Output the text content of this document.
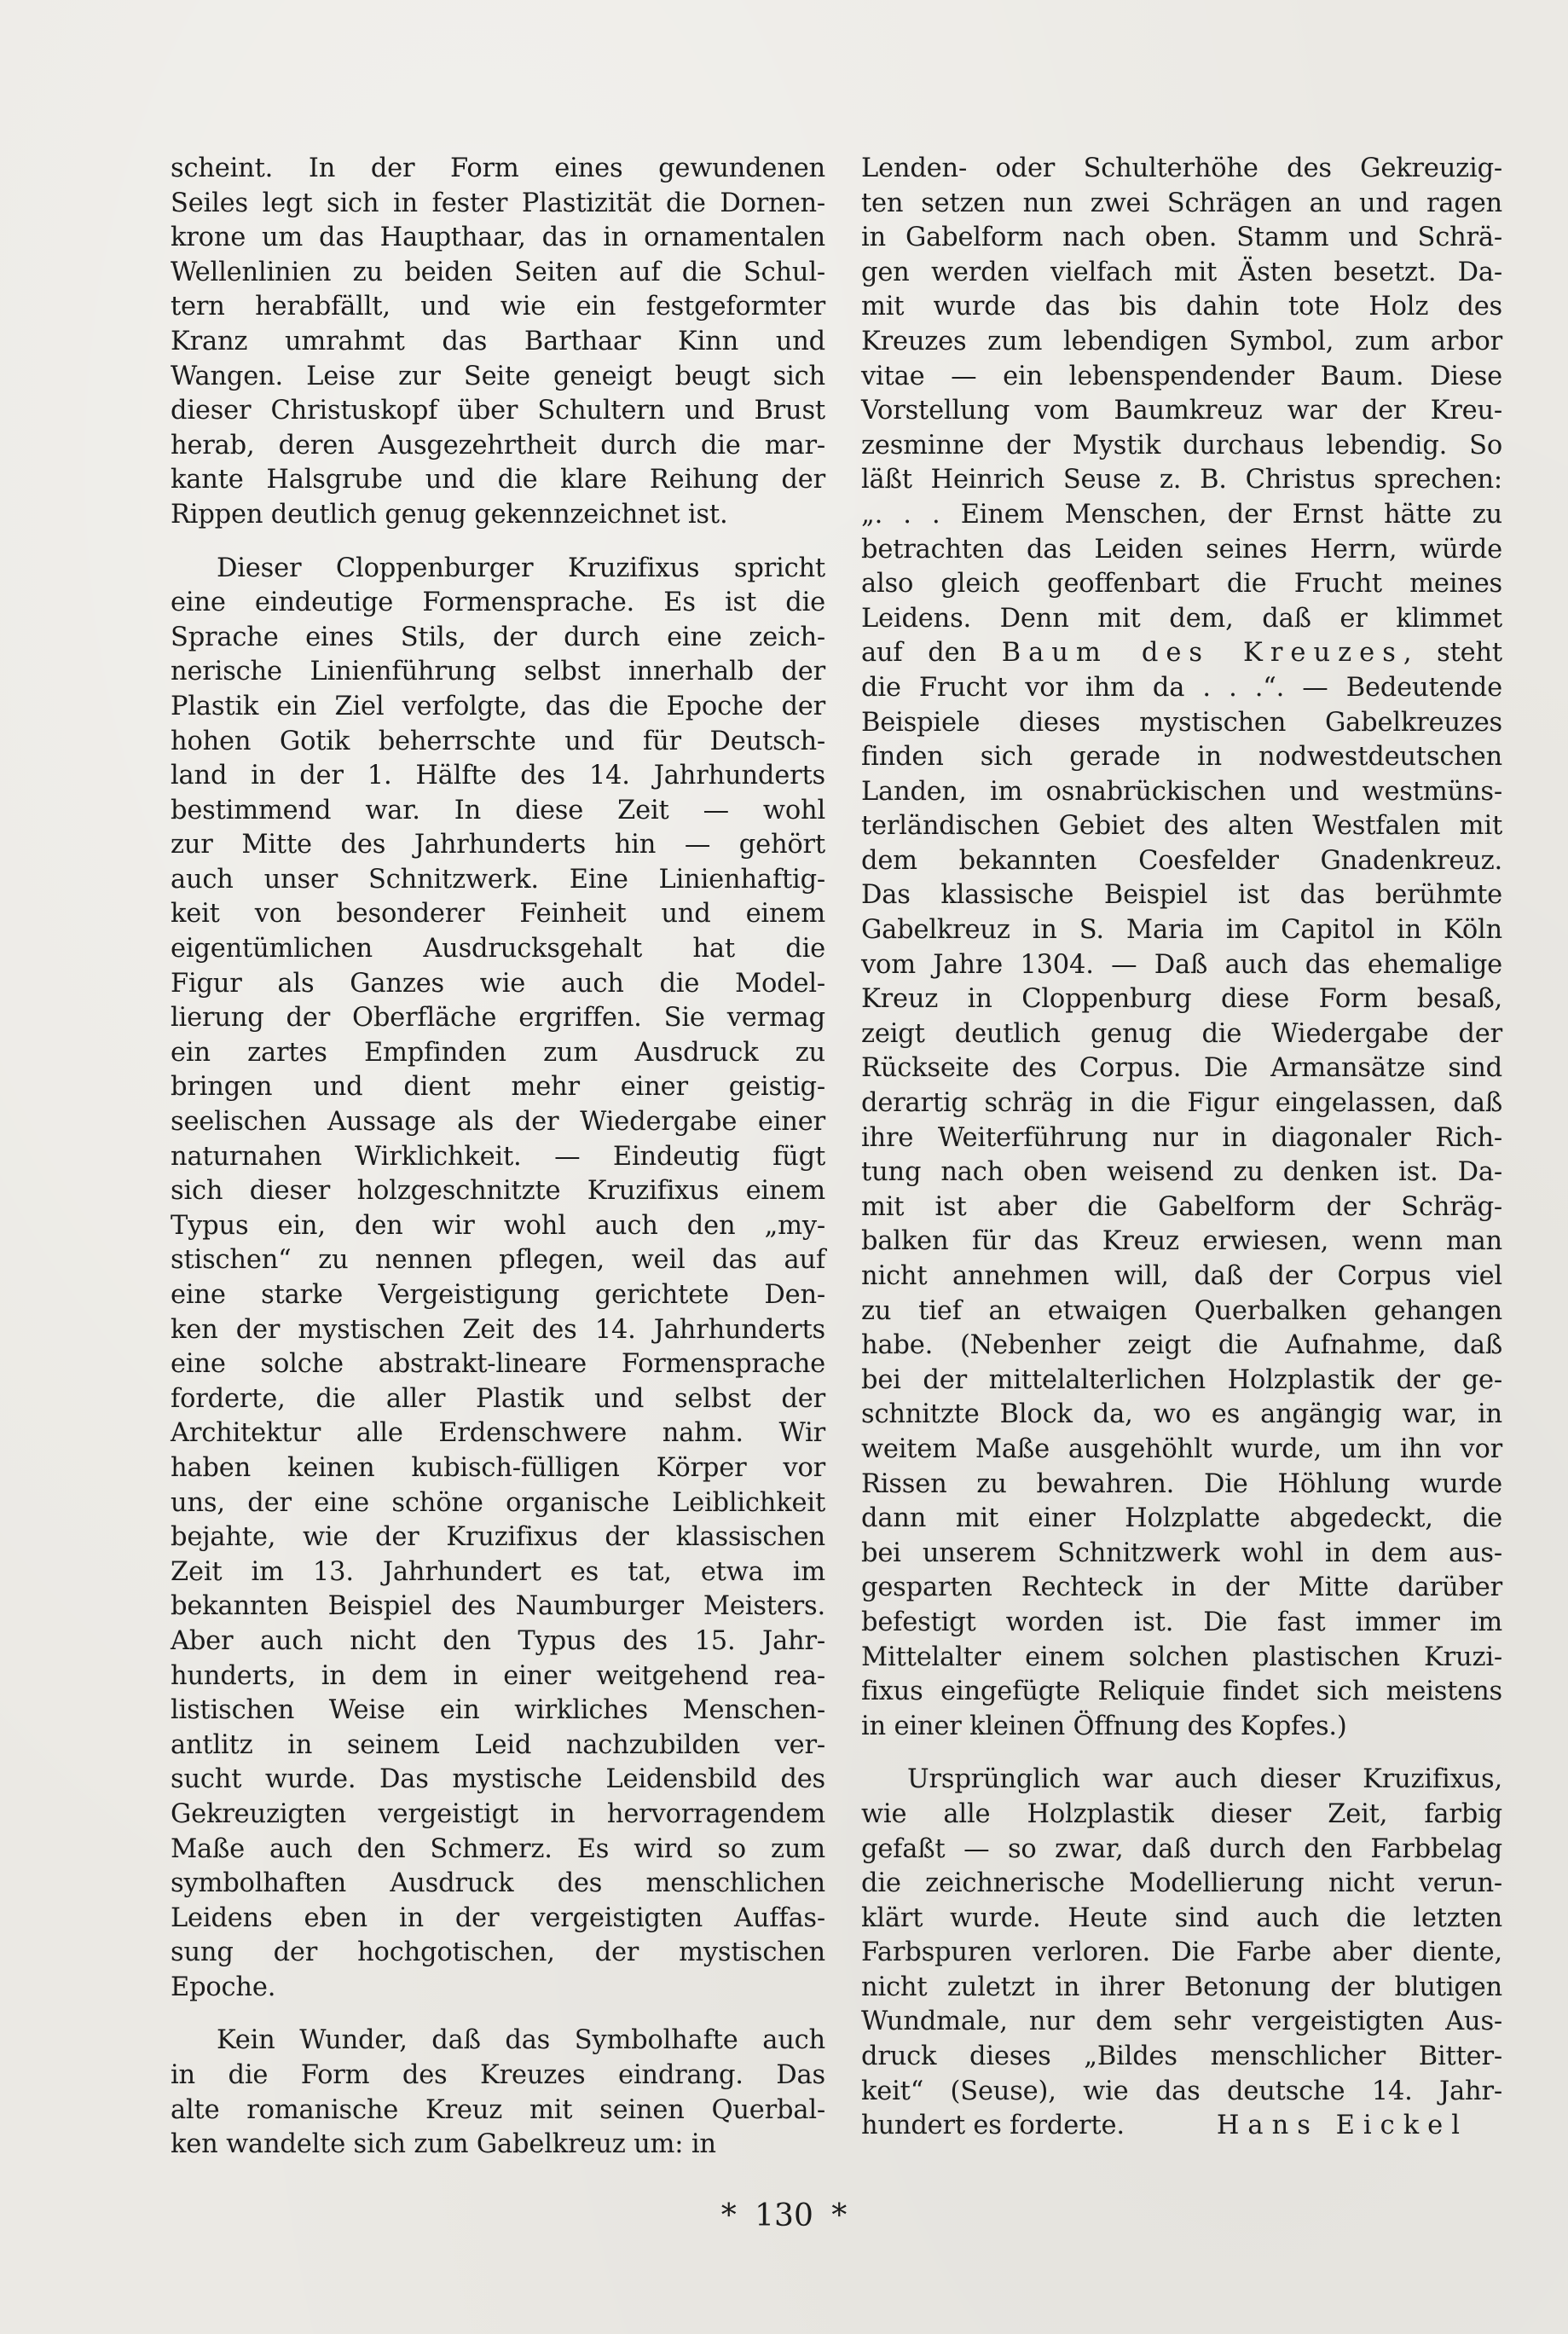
scheint. In der Form eines gewundenen
Seiles legt sich in fester Plastizität die Dornen-
krone um das Haupthaar, das in ornamentalen
Wellenlinien zu beiden Seiten auf die Schul-
tern herabfällt, und wie ein festgeformter
Kranz umrahmt das Barthaar Kinn und
Wangen. Leise zur Seite geneigt beugt sich
dieser Christuskopf über Schultern und Brust
herab, deren Ausgezehrtheit durch die mar-
kante Halsgrube und die klare Reihung der
Rippen deutlich genug gekennzeichnet ist.
Dieser Cloppenburger Kruzifixus spricht
eine eindeutige Formensprache. Es ist die
Sprache eines Stils, der durch eine zeich-
nerische Linienführung selbst innerhalb der
Plastik ein Ziel verfolgte, das die Epoche der
hohen Gotik beherrschte und für Deutsch-
land in der 1. Hälfte des 14. Jahrhunderts
bestimmend war. In diese Zeit — wohl
zur Mitte des Jahrhunderts hin — gehört
auch unser Schnitzwerk. Eine Linienhaftig-
keit von besonderer Feinheit und einem
eigentümlichen Ausdrucksgehalt hat die
Figur als Ganzes wie auch die Model-
lierung der Oberfläche ergriffen. Sie vermag
ein zartes Empfinden zum Ausdruck zu
bringen und dient mehr einer geistig-
seelischen Aussage als der Wiedergabe einer
naturnahen Wirklichkeit. — Eindeutig fügt
sich dieser holzgeschnitzte Kruzifixus einem
Typus ein, den wir wohl auch den „my-
stischen“ zu nennen pflegen, weil das auf
eine starke Vergeistigung gerichtete Den-
ken der mystischen Zeit des 14. Jahrhunderts
eine solche abstrakt-lineare Formensprache
forderte, die aller Plastik und selbst der
Architektur alle Erdenschwere nahm. Wir
haben keinen kubisch-fülligen Körper vor
uns, der eine schöne organische Leiblichkeit
bejahte, wie der Kruzifixus der klassischen
Zeit im 13. Jahrhundert es tat, etwa im
bekannten Beispiel des Naumburger Meisters.
Aber auch nicht den Typus des 15. Jahr-
hunderts, in dem in einer weitgehend rea-
listischen Weise ein wirkliches Menschen-
antlitz in seinem Leid nachzubilden ver-
sucht wurde. Das mystische Leidensbild des
Gekreuzigten vergeistigt in hervorragendem
Maße auch den Schmerz. Es wird so zum
symbolhaften Ausdruck des menschlichen
Leidens eben in der vergeistigten Auffas-
sung der hochgotischen, der mystischen
Epoche.
Kein Wunder, daß das Symbolhafte auch
in die Form des Kreuzes eindrang. Das
alte romanische Kreuz mit seinen Querbal-
ken wandelte sich zum Gabelkreuz um: in
Lenden- oder Schulterhöhe des Gekreuzig-
ten setzen nun zwei Schrägen an und ragen
in Gabelform nach oben. Stamm und Schrä-
gen werden vielfach mit Ästen besetzt. Da-
mit wurde das bis dahin tote Holz des
Kreuzes zum lebendigen Symbol, zum arbor
vitae — ein lebenspendender Baum. Diese
Vorstellung vom Baumkreuz war der Kreu-
zesminne der Mystik durchaus lebendig. So
läßt Heinrich Seuse z. B. Christus sprechen:
„. . . Einem Menschen, der Ernst hätte zu
betrachten das Leiden seines Herrn, würde
also gleich geoffenbart die Frucht meines
Leidens. Denn mit dem, daß er klimmet
auf den Baum des Kreuzes, steht
die Frucht vor ihm da . . .“. — Bedeutende
Beispiele dieses mystischen Gabelkreuzes
finden sich gerade in nodwestdeutschen
Landen, im osnabrückischen und westmüns-
terländischen Gebiet des alten Westfalen mit
dem bekannten Coesfelder Gnadenkreuz.
Das klassische Beispiel ist das berühmte
Gabelkreuz in S. Maria im Capitol in Köln
vom Jahre 1304. — Daß auch das ehemalige
Kreuz in Cloppenburg diese Form besaß,
zeigt deutlich genug die Wiedergabe der
Rückseite des Corpus. Die Armansätze sind
derartig schräg in die Figur eingelassen, daß
ihre Weiterführung nur in diagonaler Rich-
tung nach oben weisend zu denken ist. Da-
mit ist aber die Gabelform der Schräg-
balken für das Kreuz erwiesen, wenn man
nicht annehmen will, daß der Corpus viel
zu tief an etwaigen Querbalken gehangen
habe. (Nebenher zeigt die Aufnahme, daß
bei der mittelalterlichen Holzplastik der ge-
schnitzte Block da, wo es angängig war, in
weitem Maße ausgehöhlt wurde, um ihn vor
Rissen zu bewahren. Die Höhlung wurde
dann mit einer Holzplatte abgedeckt, die
bei unserem Schnitzwerk wohl in dem aus-
gesparten Rechteck in der Mitte darüber
befestigt worden ist. Die fast immer im
Mittelalter einem solchen plastischen Kruzi-
fixus eingefügte Reliquie findet sich meistens
in einer kleinen Öffnung des Kopfes.)
Ursprünglich war auch dieser Kruzifixus,
wie alle Holzplastik dieser Zeit, farbig
gefaßt — so zwar, daß durch den Farbbelag
die zeichnerische Modellierung nicht verun-
klärt wurde. Heute sind auch die letzten
Farbspuren verloren. Die Farbe aber diente,
nicht zuletzt in ihrer Betonung der blutigen
Wundmale, nur dem sehr vergeistigten Aus-
druck dieses „Bildes menschlicher Bitter-
keit“ (Seuse), wie das deutsche 14. Jahr-
hundert es forderte.	Hans Eickel
* 130 *
